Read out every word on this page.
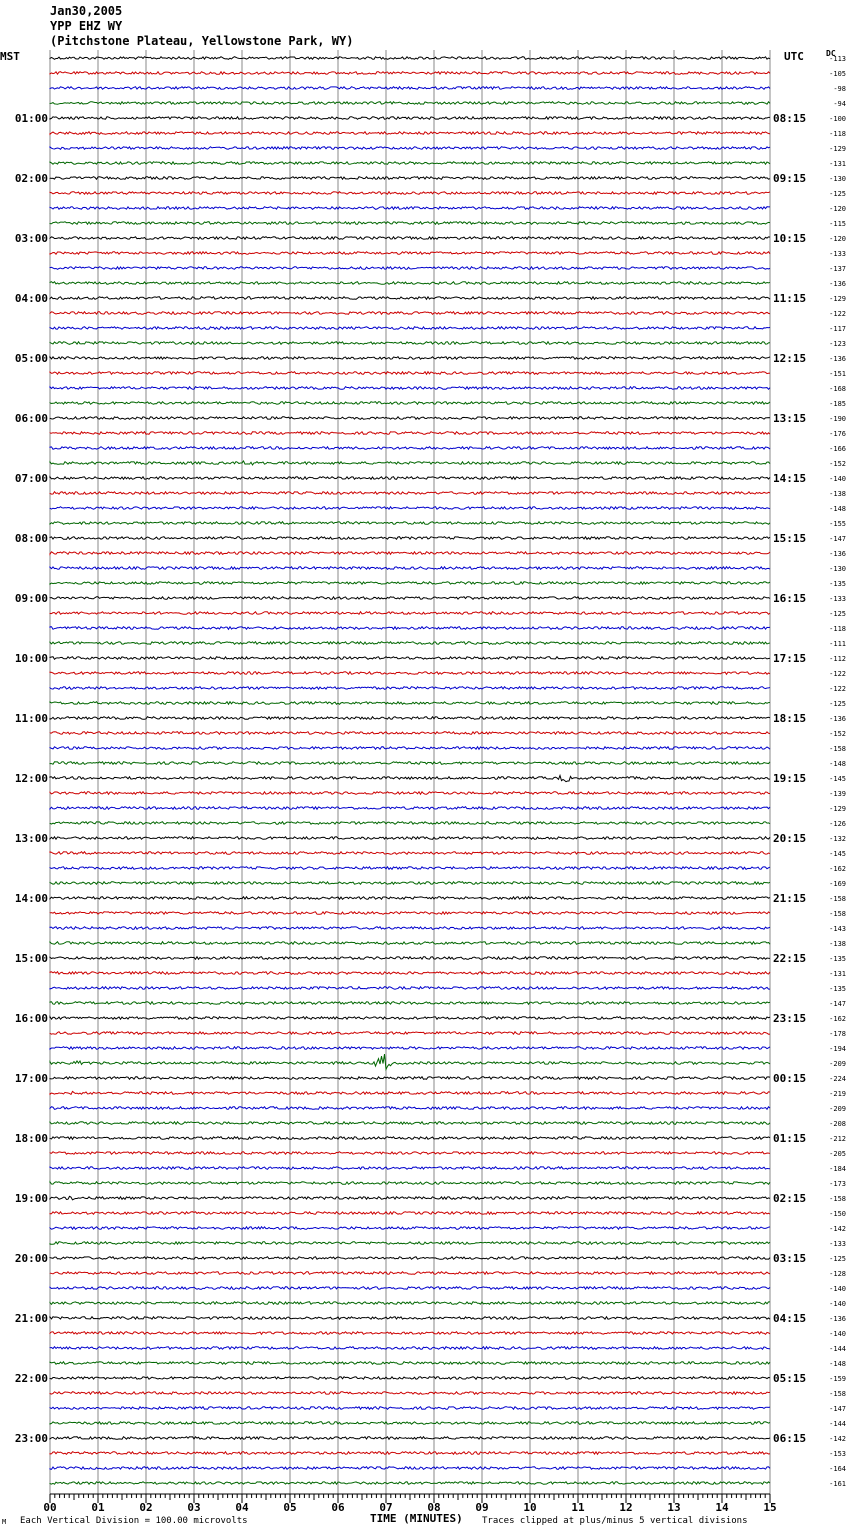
Jan30,2005
YPP EHZ WY
(Pitchstone Plateau, Yellowstone Park, WY)
MST	UTC	DC
-113
-105
-98
-94
-100
-118
-129
-131
-130
-125
-120
-115
-120
-133
-137
-136
-129
-122
-117
-123
-136
-151
-168
-185
-190
-176
-166
-152
-140
-138
-148
-155
-147
-136
-130
-135
-133
-125
-118
-111
-112
-122
-122
-125
-136
-152
-158
-148
-145
-139
-129
-126
-132
-145
-162
-169
-158
-158
-143
-138
-135
-131
-135
-147
-162
-178
-194
-209
-224
-219
-209
-208
-212
-205
-184
-173
-158
-150
-142
-133
-125
-128
-140
-140
-136
-140
-144
-148
-159
-158
-147
-144
-142
-153
-164
-161
01:00
02:00
03:00
04:00
05:00
06:00
07:00
08:00
09:00
10:00
11:00
12:00
13:00
14:00
15:00
16:00
17:00
18:00
19:00
20:00
21:00
22:00
23:00
08:15
09:15
10:15
11:15
12:15
13:15
14:15
15:15
16:15
17:15
18:15
19:15
20:15
21:15
22:15
23:15
00:15
01:15
02:15
03:15
04:15
05:15
06:15
00	01	02	03	04	05	06	07	08	09	10	11	12	13	14	15
TIME (MINUTES)
M Each Vertical Division = 100.00 microvolts	Traces clipped at plus/minus 5 vertical divisions
